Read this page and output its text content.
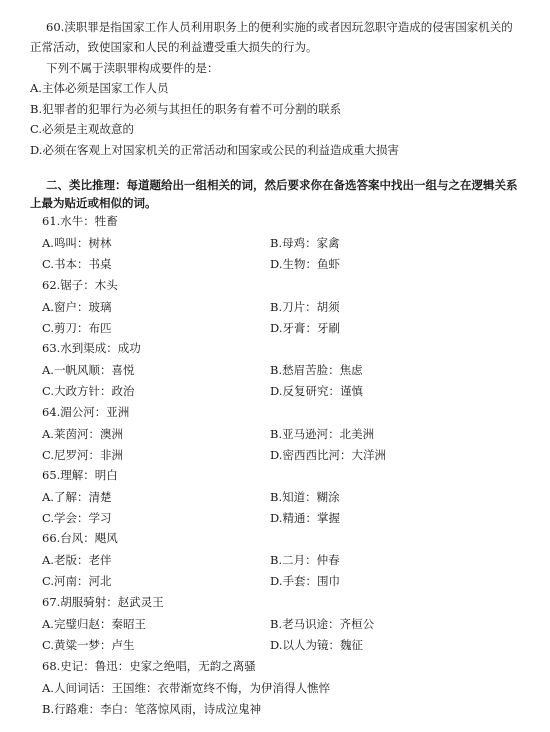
60.渎职罪是指国家工作人员利用职务上的便利实施的或者因玩忽职守造成的侵害国家机关的
正常活动，致使国家和人民的利益遭受重大损失的行为。
下列不属于渎职罪构成要件的是：
A.主体必须是国家工作人员
B.犯罪者的犯罪行为必须与其担任的职务有着不可分割的联系
C.必须是主观故意的
D.必须在客观上对国家机关的正常活动和国家或公民的利益造成重大损害
二、类比推理：每道题给出一组相关的词，然后要求你在备选答案中找出一组与之在逻辑关系
上最为贴近或相似的词。
61.水牛：牲畜
A.鸣叫：树林	B.母鸡：家禽
C.书本：书桌	D.生物：鱼虾
62.锯子：木头
A.窗户：玻璃	B.刀片：胡须
C.剪刀：布匹	D.牙膏：牙刷
63.水到渠成：成功
A.一帆风顺：喜悦	B.愁眉苦脸：焦虑
C.大政方针：政治	D.反复研究：谨慎
64.湄公河：亚洲
A.莱茵河：澳洲	B.亚马逊河：北美洲
C.尼罗河：非洲	D.密西西比河：大洋洲
65.理解：明白
A.了解：清楚	B.知道：糊涂
C.学会：学习	D.精通：掌握
66.台风：飓风
A.老版：老伴	B.二月：仲春
C.河南：河北	D.手套：围巾
67.胡服骑射：赵武灵王
A.完璧归赵：秦昭王	B.老马识途：齐桓公
C.黄粱一梦：卢生	D.以人为镜：魏征
68.史记：鲁迅：史家之绝唱，无韵之离骚
A.人间词话：王国维：衣带渐宽终不悔，为伊消得人憔悴
B.行路难：李白：笔落惊风雨，诗成泣鬼神
